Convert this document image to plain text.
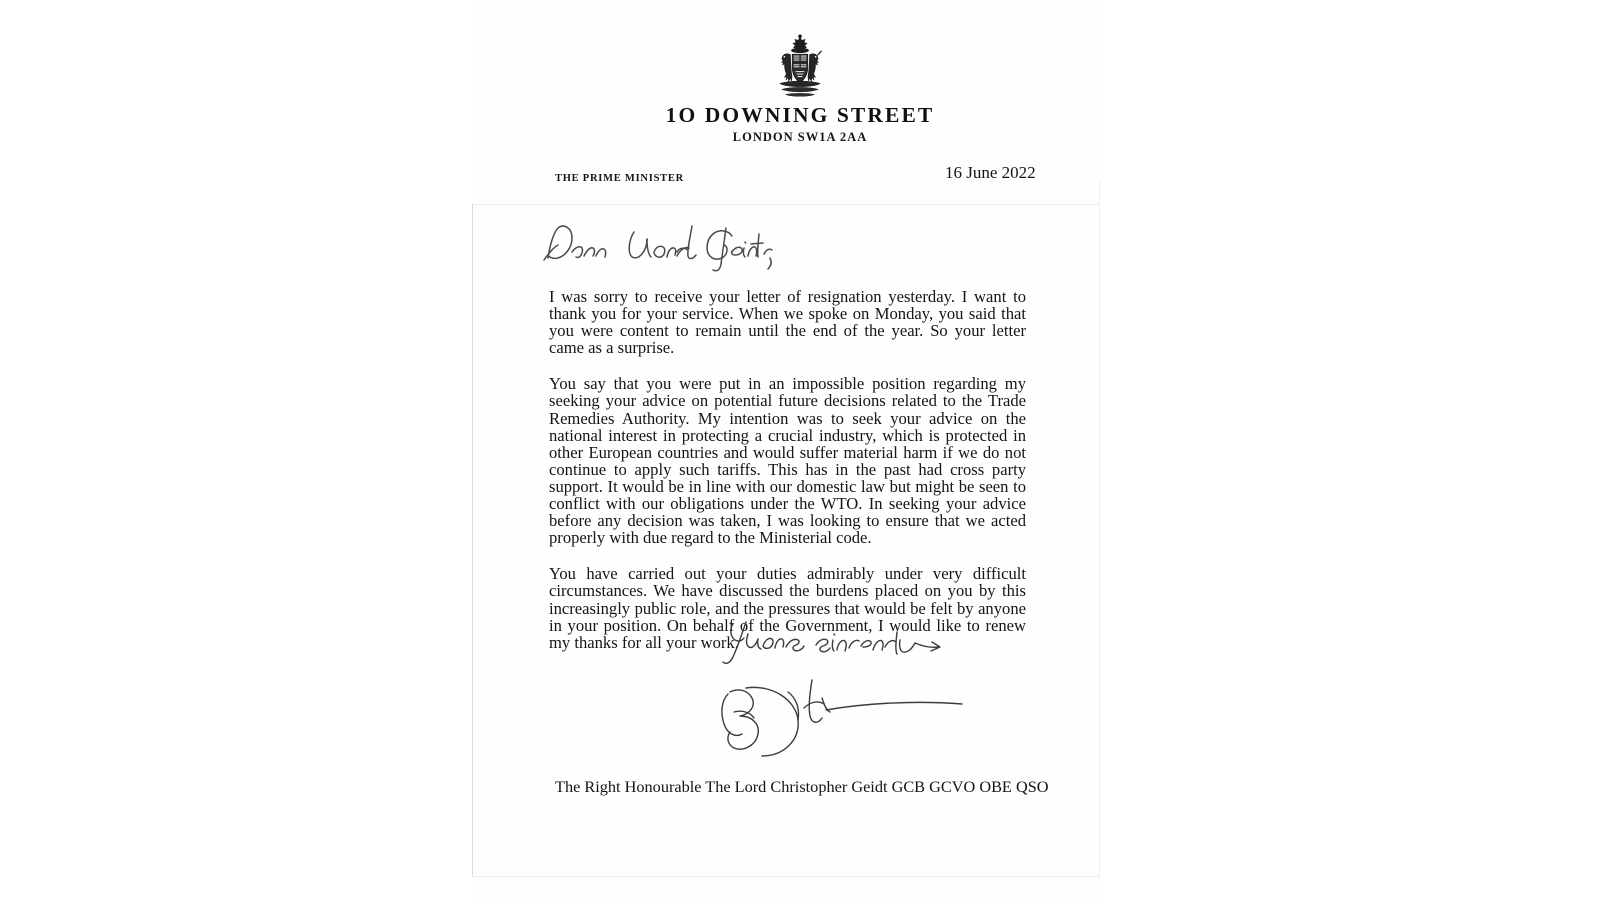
1O DOWNING STREET
LONDON SW1A 2AA
THE PRIME MINISTER	16 June 2022

I was sorry to receive your letter of resignation yesterday. I want to thank you for your service. When we spoke on Monday, you said that you were content to remain until the end of the year. So your letter came as a surprise.

You say that you were put in an impossible position regarding my seeking your advice on potential future decisions related to the Trade Remedies Authority. My intention was to seek your advice on the national interest in protecting a crucial industry, which is protected in other European countries and would suffer material harm if we do not continue to apply such tariffs. This has in the past had cross party support. It would be in line with our domestic law but might be seen to conflict with our obligations under the WTO. In seeking your advice before any decision was taken, I was looking to ensure that we acted properly with due regard to the Ministerial code.

You have carried out your duties admirably under very difficult circumstances. We have discussed the burdens placed on you by this increasingly public role, and the pressures that would be felt by anyone in your position. On behalf of the Government, I would like to renew my thanks for all your work.

The Right Honourable The Lord Christopher Geidt GCB GCVO OBE QSO
